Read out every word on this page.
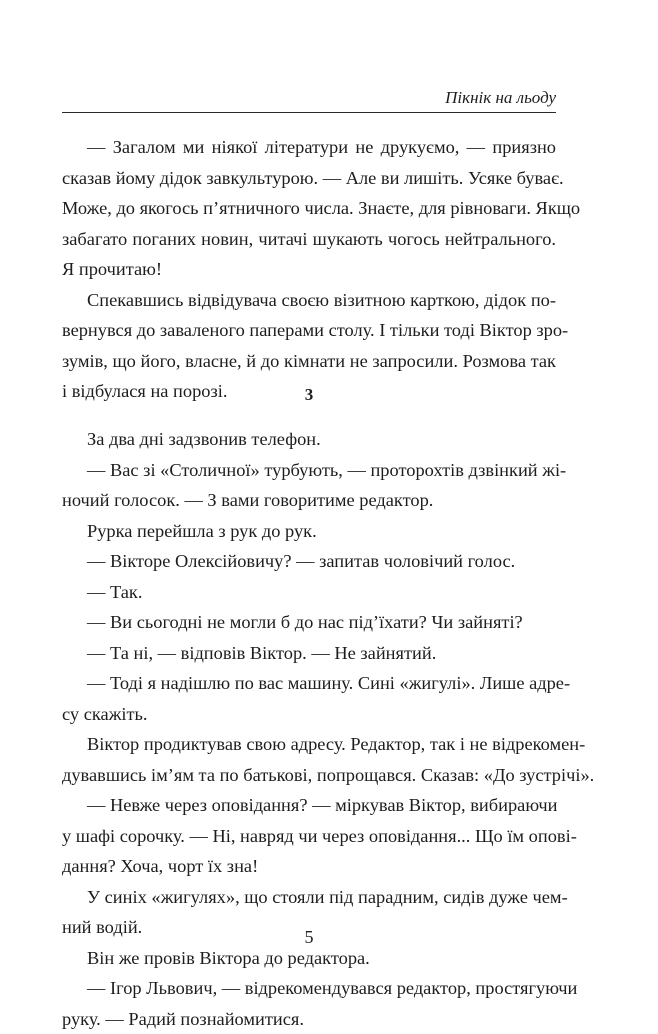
Пікнік на льоду

— Загалом ми ніякої літератури не друкуємо, — приязно
сказав йому дідок завкультурою. — Але ви лишіть. Усяке буває.
Може, до якогось п’ятничного числа. Знаєте, для рівноваги. Якщо
забагато поганих новин, читачі шукають чогось нейтрального.
Я прочитаю!

Спекавшись відвідувача своєю візитною карткою, дідок по-
вернувся до заваленого паперами столу. І тільки тоді Віктор зро-
зумів, що його, власне, й до кімнати не запросили. Розмова так
і відбулася на порозі.	3

За два дні задзвонив телефон.

— Вас зі «Столичної» турбують, — проторохтів дзвінкий жі-
ночий голосок. — З вами говоритиме редактор.

Рурка перейшла з рук до рук.

— Вікторе Олексійовичу? — запитав чоловічий голос.

— Так.

— Ви сьогодні не могли б до нас під’їхати? Чи зайняті?

— Та ні, — відповів Віктор. — Не зайнятий.

— Тоді я надішлю по вас машину. Сині «жигулі». Лише адре-
су скажіть.

Віктор продиктував свою адресу. Редактор, так і не відрекомен-
дувавшись ім’ям та по батькові, попрощався. Сказав: «До зустрічі».

— Невже через оповідання? — міркував Віктор, вибираючи
у шафі сорочку. — Ні, навряд чи через оповідання... Що їм опові-
дання? Хоча, чорт їх зна!

У синіх «жигулях», що стояли під парадним, сидів дуже чем-
ний водій.

Він же провів Віктора до редактора.

— Ігор Львович, — відрекомендувався редактор, простягуючи
руку. — Радий познайомитися.

5
